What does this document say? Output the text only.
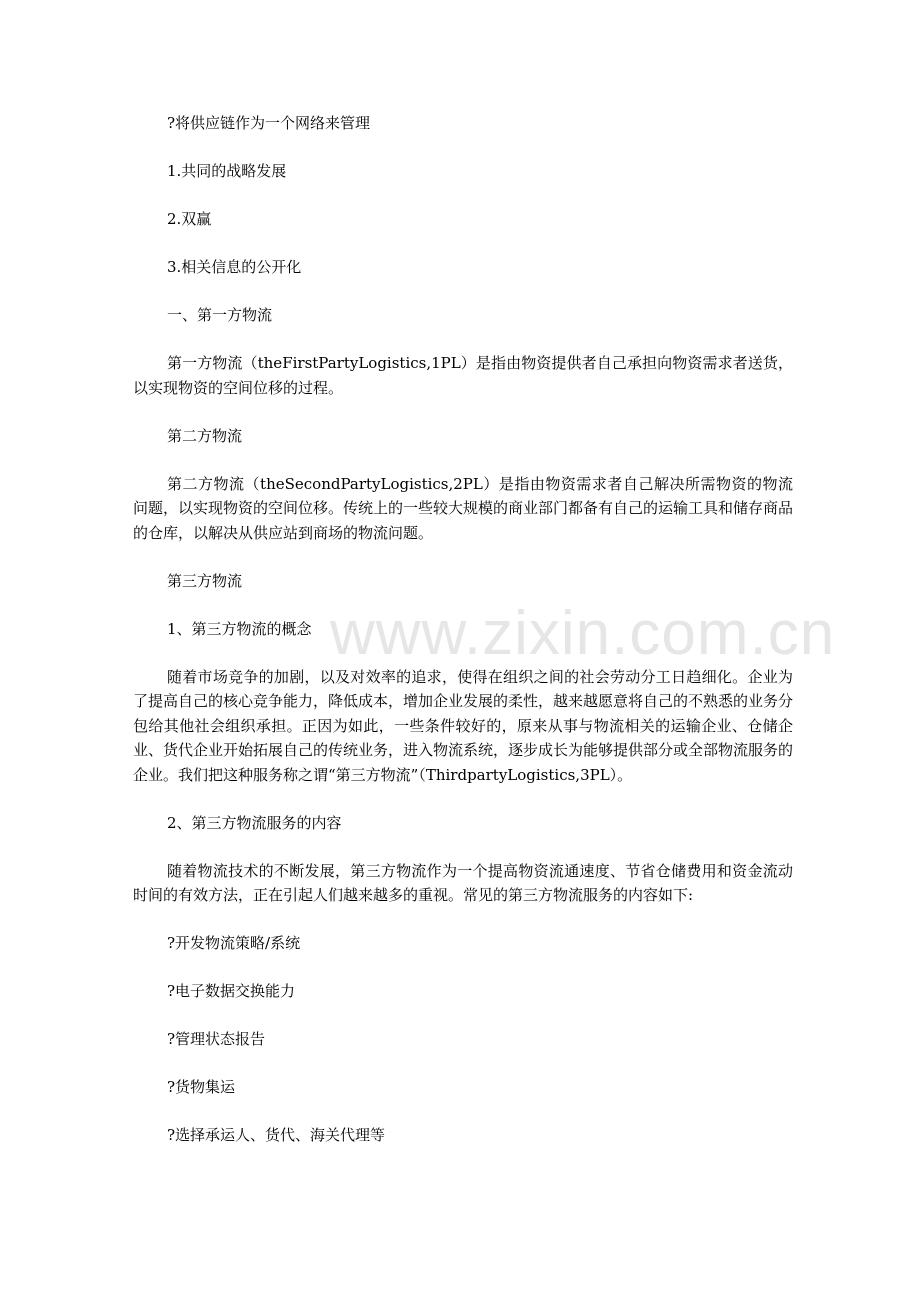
www.zixin.com.cn

?将供应链作为一个网络来管理

1.共同的战略发展

2.双赢

3.相关信息的公开化

一、第一方物流

第一方物流（theFirstPartyLogistics,1PL）是指由物资提供者自己承担向物资需求者送货，以实现物资的空间位移的过程。

第二方物流

第二方物流（theSecondPartyLogistics,2PL）是指由物资需求者自己解决所需物资的物流问题，以实现物资的空间位移。传统上的一些较大规模的商业部门都备有自己的运输工具和储存商品的仓库，以解决从供应站到商场的物流问题。

第三方物流

1、第三方物流的概念

随着市场竞争的加剧，以及对效率的追求，使得在组织之间的社会劳动分工日趋细化。企业为了提高自己的核心竞争能力，降低成本，增加企业发展的柔性，越来越愿意将自己的不熟悉的业务分包给其他社会组织承担。正因为如此，一些条件较好的，原来从事与物流相关的运输企业、仓储企业、货代企业开始拓展自己的传统业务，进入物流系统，逐步成长为能够提供部分或全部物流服务的企业。我们把这种服务称之谓“第三方物流”（ThirdpartyLogistics,3PL）。

2、第三方物流服务的内容

随着物流技术的不断发展，第三方物流作为一个提高物资流通速度、节省仓储费用和资金流动时间的有效方法，正在引起人们越来越多的重视。常见的第三方物流服务的内容如下:

?开发物流策略/系统

?电子数据交换能力

?管理状态报告

?货物集运

?选择承运人、货代、海关代理等
